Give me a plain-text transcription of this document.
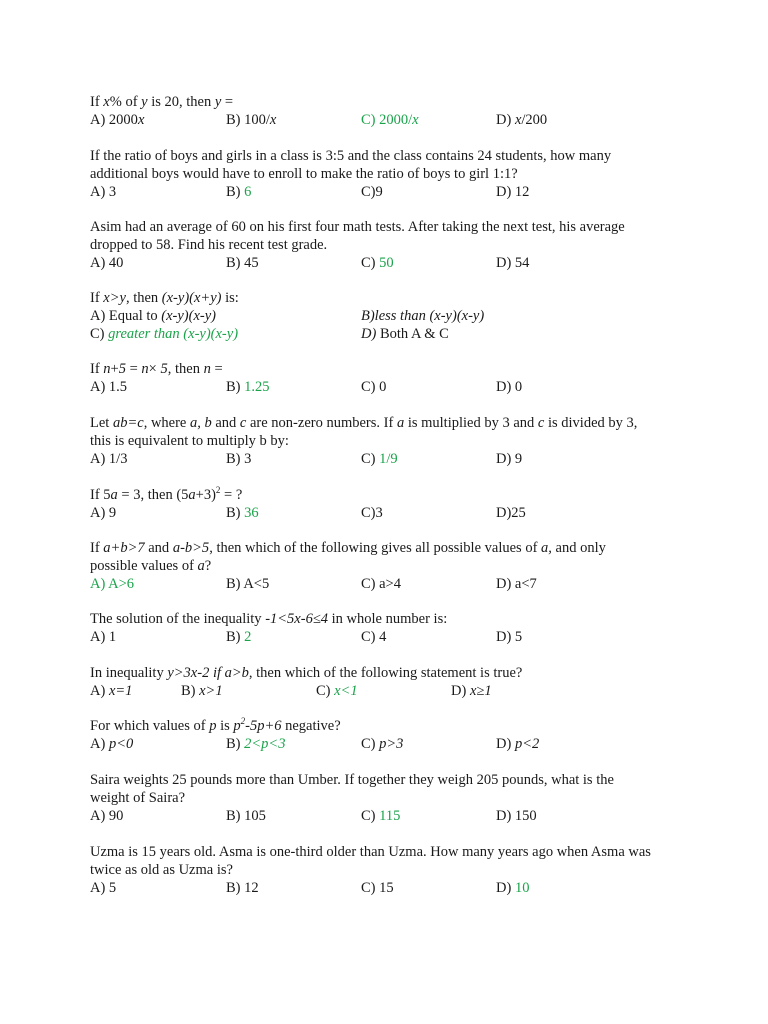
If x% of y is 20, then y =
A) 2000x	B) 100/x	C) 2000/x	D) x/200
If the ratio of boys and girls in a class is 3:5 and the class contains 24 students, how many
additional boys would have to enroll to make the ratio of boys to girl 1:1?
A) 3	B) 6	C)9	D) 12
Asim had an average of 60 on his first four math tests. After taking the next test, his average
dropped to 58. Find his recent test grade.
A) 40	B) 45	C) 50	D) 54
If x>y, then (x-y)(x+y) is:
A) Equal to (x-y)(x-y)	B)less than (x-y)(x-y)
C) greater than (x-y)(x-y)	D) Both A & C
If n+5 = n× 5, then n =
A) 1.5	B) 1.25	C) 0	D) 0
Let ab=c, where a, b and c are non-zero numbers. If a is multiplied by 3 and c is divided by 3,
this is equivalent to multiply b by:
A) 1/3	B) 3	C) 1/9	D) 9
If 5a = 3, then $(5a+3)^2$ = ?
A) 9	B) 36	C)3	D)25
If a+b>7 and a-b>5, then which of the following gives all possible values of a, and only
possible values of a?
A) A>6	B) A<5	C) a>4	D) a<7
The solution of the inequality -1<5x-6≤4 in whole number is:
A) 1	B) 2	C) 4	D) 5
In inequality y>3x-2 if a>b, then which of the following statement is true?
A) x=1	B) x>1	C) x<1	D) x≥1
For which values of p is $p^2-5p+6$ negative?
A) p<0	B) 2<p<3	C) p>3	D) p<2
Saira weights 25 pounds more than Umber. If together they weigh 205 pounds, what is the
weight of Saira?
A) 90	B) 105	C) 115	D) 150
Uzma is 15 years old. Asma is one-third older than Uzma. How many years ago when Asma was
twice as old as Uzma is?
A) 5	B) 12	C) 15	D) 10
